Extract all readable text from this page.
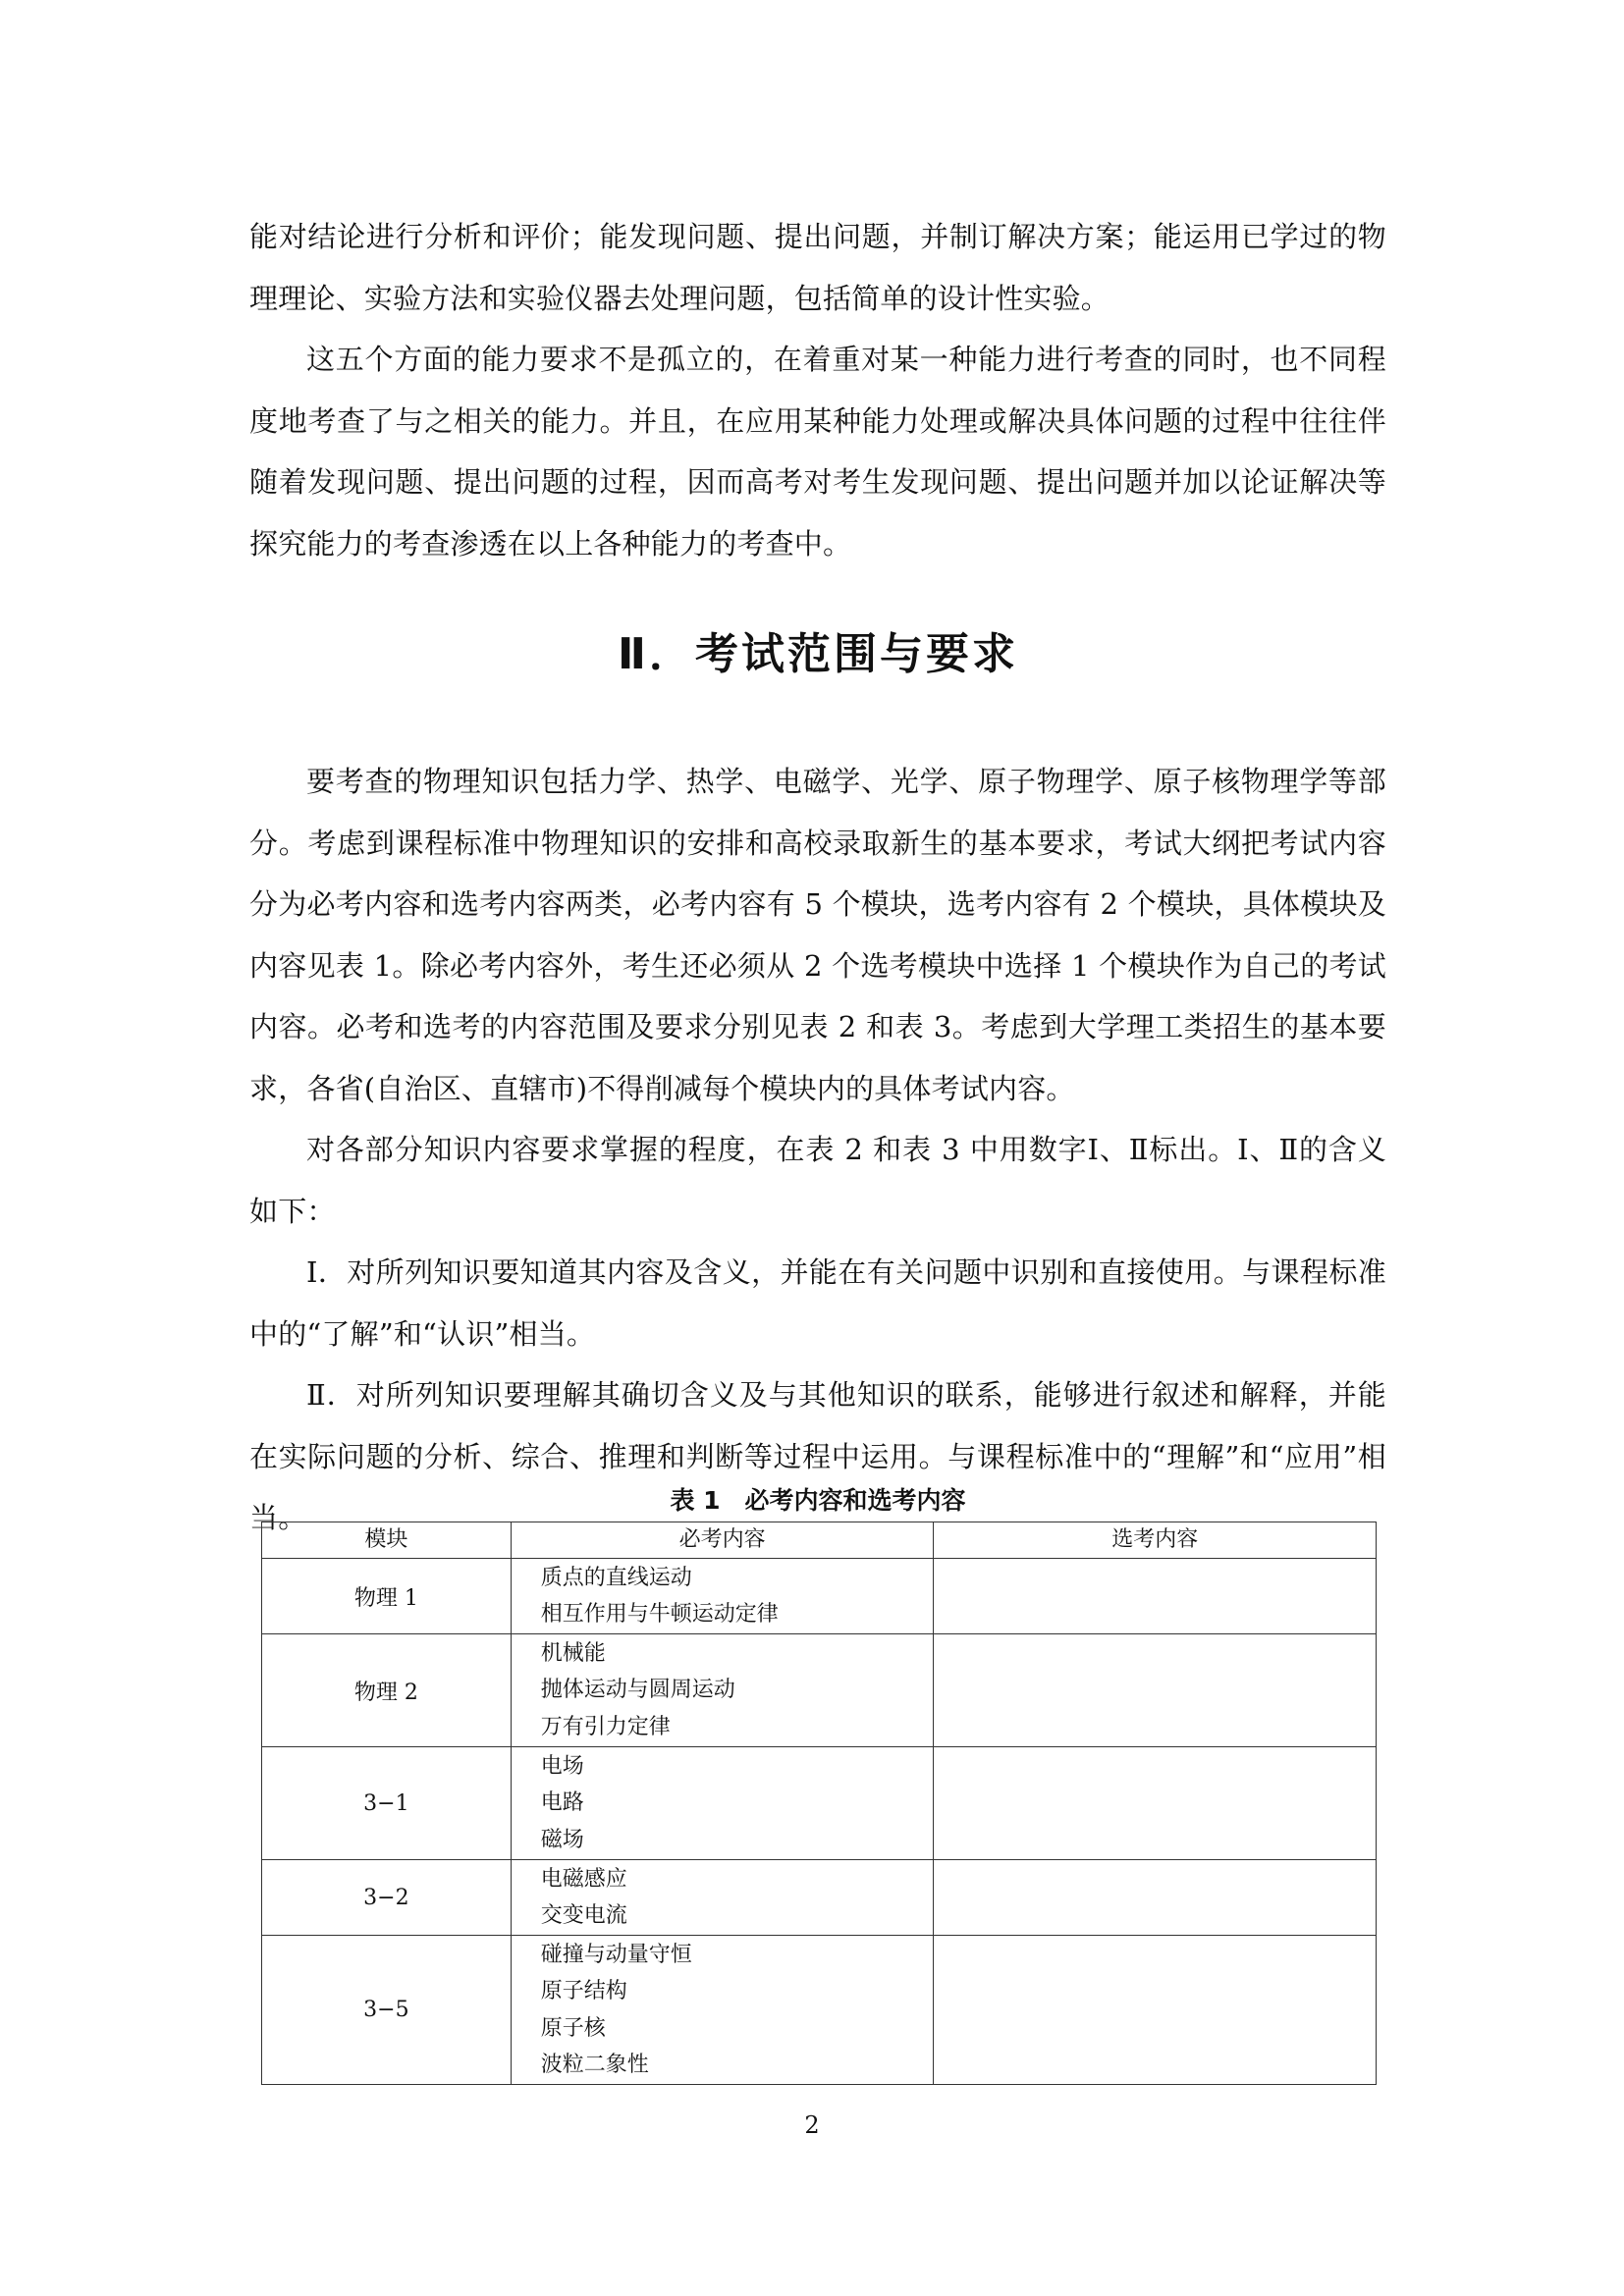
能对结论进行分析和评价；能发现问题、提出问题，并制订解决方案；能运用已学过的物理理论、实验方法和实验仪器去处理问题，包括简单的设计性实验。

这五个方面的能力要求不是孤立的，在着重对某一种能力进行考查的同时，也不同程度地考查了与之相关的能力。并且，在应用某种能力处理或解决具体问题的过程中往往伴随着发现问题、提出问题的过程，因而高考对考生发现问题、提出问题并加以论证解决等探究能力的考查渗透在以上各种能力的考查中。

Ⅱ．考试范围与要求

要考查的物理知识包括力学、热学、电磁学、光学、原子物理学、原子核物理学等部分。考虑到课程标准中物理知识的安排和高校录取新生的基本要求，考试大纲把考试内容分为必考内容和选考内容两类，必考内容有 5 个模块，选考内容有 2 个模块，具体模块及内容见表 1。除必考内容外，考生还必须从 2 个选考模块中选择 1 个模块作为自己的考试内容。必考和选考的内容范围及要求分别见表 2 和表 3。考虑到大学理工类招生的基本要求，各省(自治区、直辖市)不得削减每个模块内的具体考试内容。

对各部分知识内容要求掌握的程度，在表 2 和表 3 中用数字Ⅰ、Ⅱ标出。Ⅰ、Ⅱ的含义如下：

Ⅰ．对所列知识要知道其内容及含义，并能在有关问题中识别和直接使用。与课程标准中的“了解”和“认识”相当。

Ⅱ．对所列知识要理解其确切含义及与其他知识的联系，能够进行叙述和解释，并能在实际问题的分析、综合、推理和判断等过程中运用。与课程标准中的“理解”和“应用”相当。

表 1　必考内容和选考内容
模块	必考内容	选考内容
物理 1	质点的直线运动
相互作用与牛顿运动定律	

物理 2	机械能
抛体运动与圆周运动
万有引力定律	

3−1	电场
电路
磁场	

3−2	电磁感应
交变电流	

3−5	碰撞与动量守恒
原子结构
原子核
波粒二象性	

2
